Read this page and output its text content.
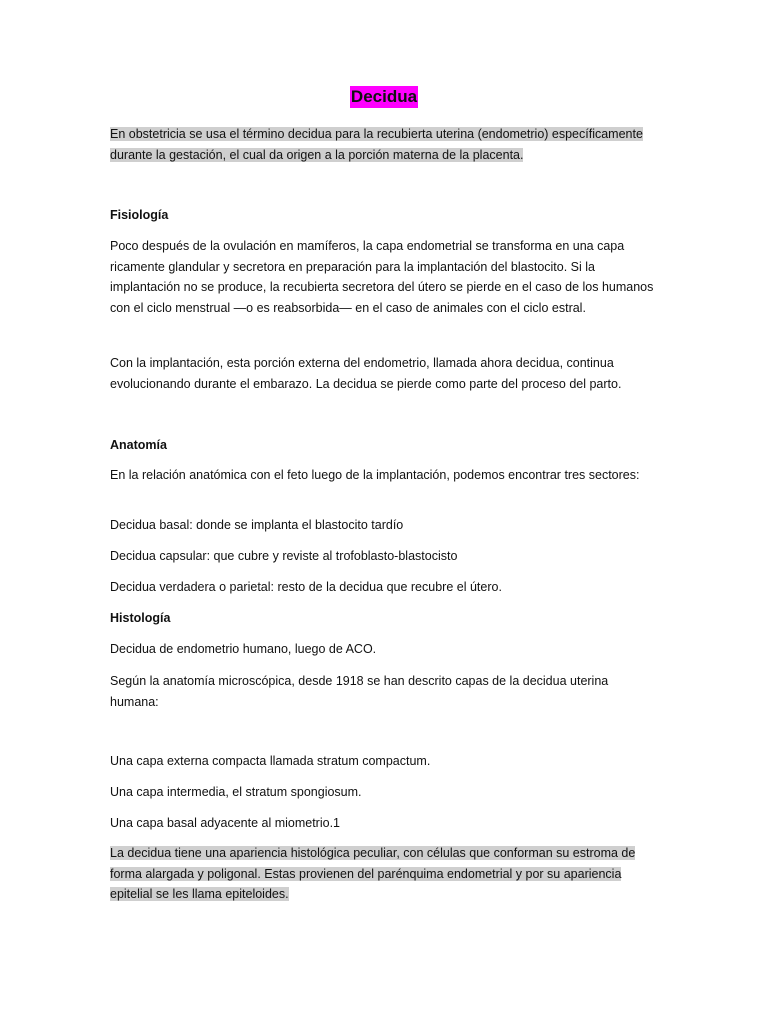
Decidua

En obstetricia se usa el término decidua para la recubierta uterina (endometrio) específicamente durante la gestación, el cual da origen a la porción materna de la placenta.

Fisiología

Poco después de la ovulación en mamíferos, la capa endometrial se transforma en una capa ricamente glandular y secretora en preparación para la implantación del blastocito. Si la implantación no se produce, la recubierta secretora del útero se pierde en el caso de los humanos con el ciclo menstrual —o es reabsorbida— en el caso de animales con el ciclo estral.

Con la implantación, esta porción externa del endometrio, llamada ahora decidua, continua evolucionando durante el embarazo. La decidua se pierde como parte del proceso del parto.

Anatomía

En la relación anatómica con el feto luego de la implantación, podemos encontrar tres sectores:

Decidua basal: donde se implanta el blastocito tardío

Decidua capsular: que cubre y reviste al trofoblasto-blastocisto

Decidua verdadera o parietal: resto de la decidua que recubre el útero.

Histología

Decidua de endometrio humano, luego de ACO.

Según la anatomía microscópica, desde 1918 se han descrito capas de la decidua uterina humana:

Una capa externa compacta llamada stratum compactum.

Una capa intermedia, el stratum spongiosum.

Una capa basal adyacente al miometrio.1

La decidua tiene una apariencia histológica peculiar, con células que conforman su estroma de forma alargada y poligonal. Estas provienen del parénquima endometrial y por su apariencia epitelial se les llama epiteloides.
